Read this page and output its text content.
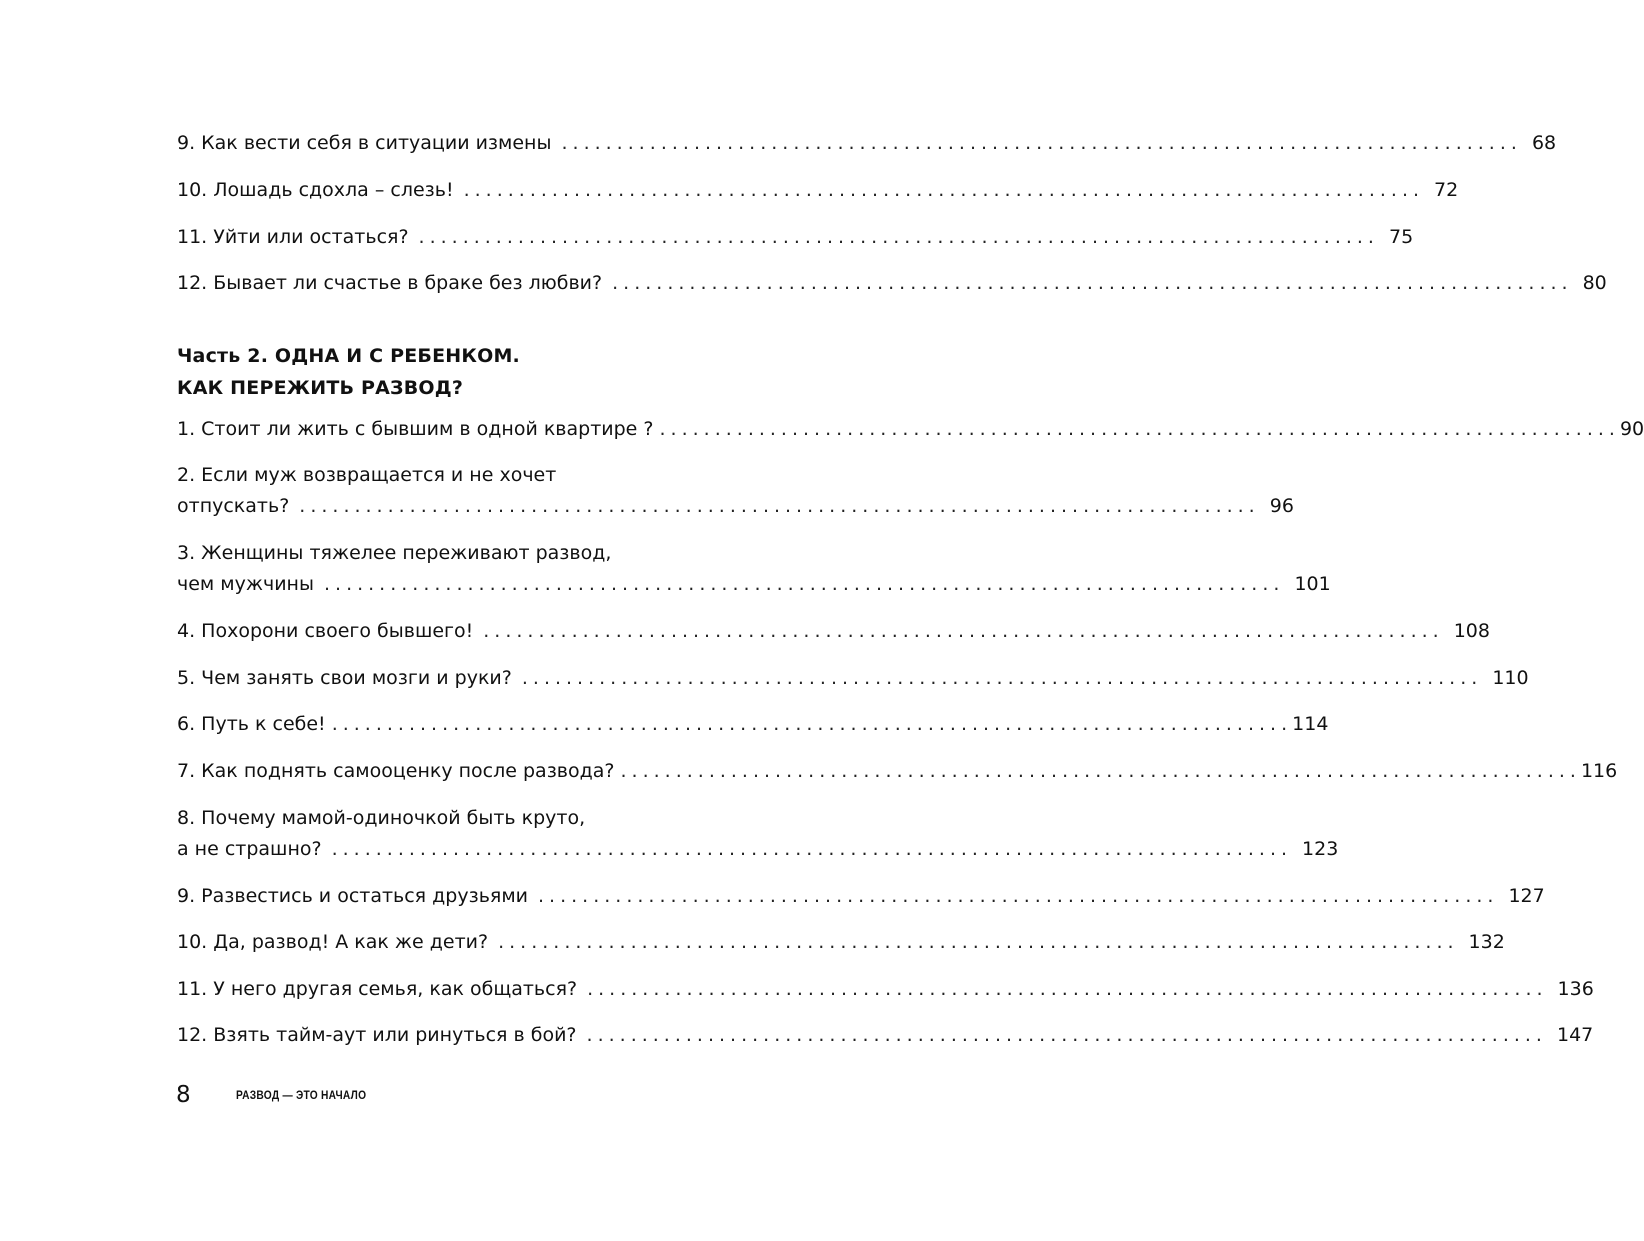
9. Как вести себя в ситуации измены ....................................................................................... 68
10. Лошадь сдохла – слезь! ....................................................................................... 72
11. Уйти или остаться? ....................................................................................... 75
12. Бывает ли счастье в браке без любви? ....................................................................................... 80
Часть 2. ОДНА И С РЕБЕНКОМ.
КАК ПЕРЕЖИТЬ РАЗВОД?
1. Стоит ли жить с бывшим в одной квартире ? ....................................................................................... 90
2. Если муж возвращается и не хочет
отпускать? ....................................................................................... 96
3. Женщины тяжелее переживают развод,
чем мужчины ....................................................................................... 101
4. Похорони своего бывшего! ....................................................................................... 108
5. Чем занять свои мозги и руки? ....................................................................................... 110
6. Путь к себе! ....................................................................................... 114
7. Как поднять самооценку после развода? ....................................................................................... 116
8. Почему мамой-одиночкой быть круто,
а не страшно? ....................................................................................... 123
9. Развестись и остаться друзьями ....................................................................................... 127
10. Да, развод! А как же дети? ....................................................................................... 132
11. У него другая семья, как общаться? ....................................................................................... 136
12. Взять тайм-аут или ринуться в бой? ....................................................................................... 147
8	РАЗВОД — ЭТО НАЧАЛО
